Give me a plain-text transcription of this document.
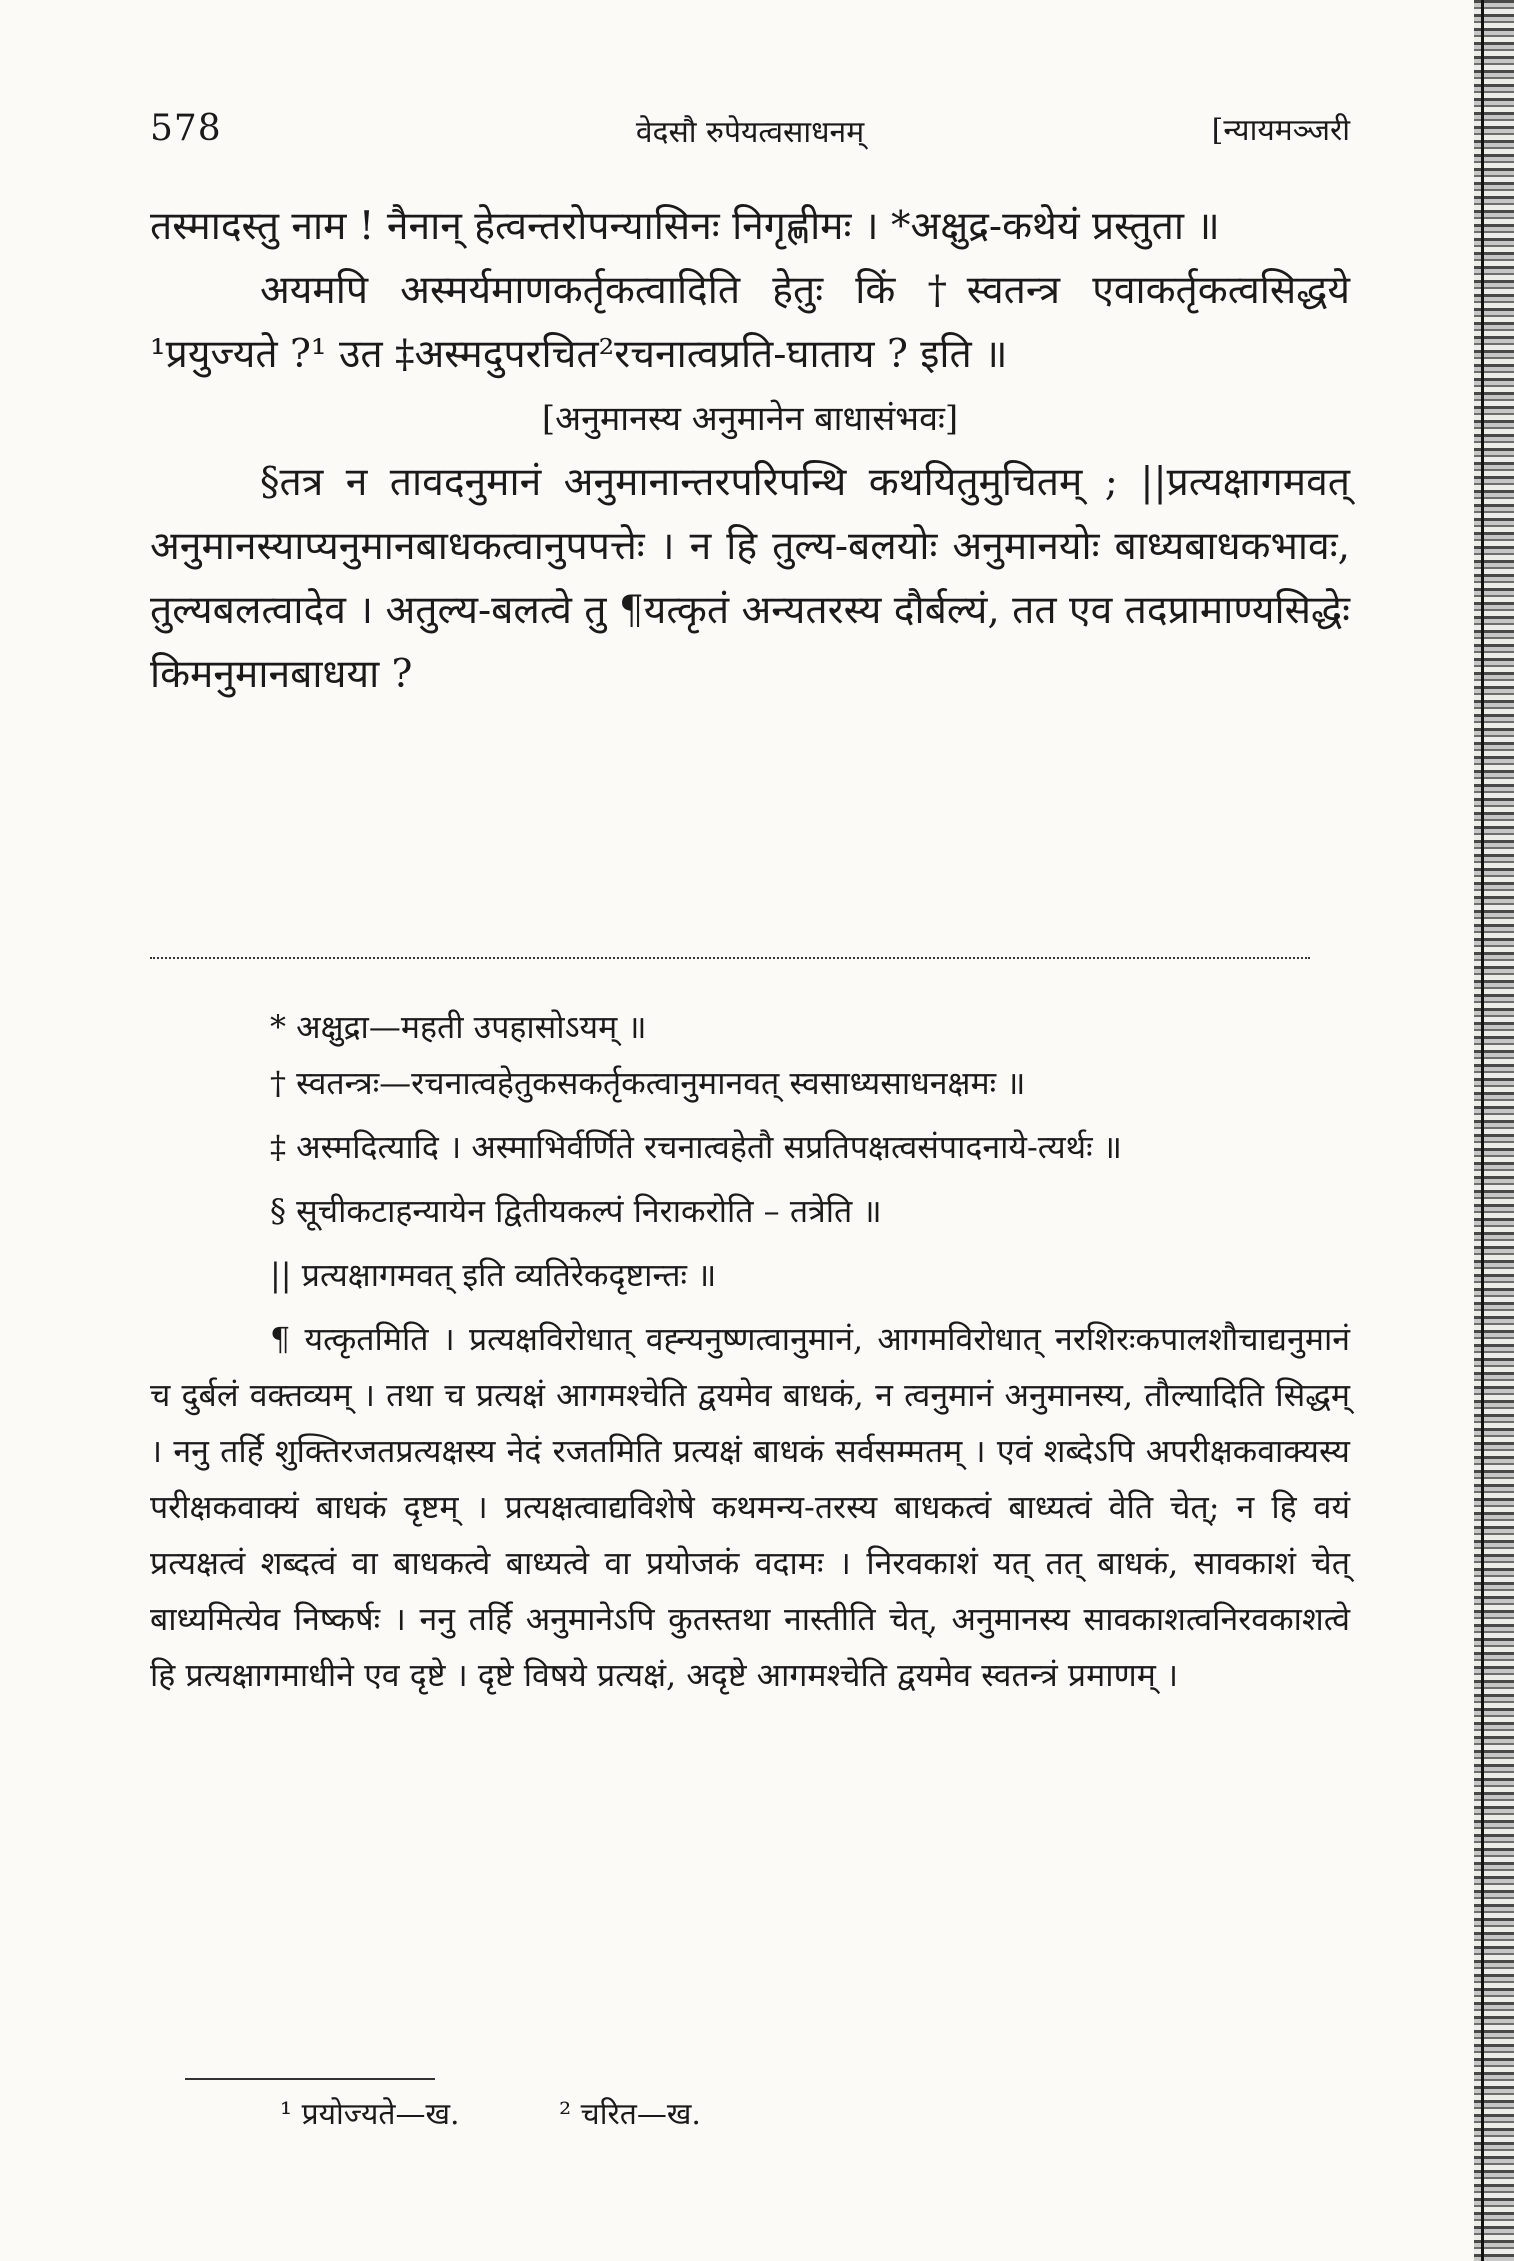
578	वेदसौ रुपेयत्वसाधनम्	[न्यायमञ्जरी

तस्मादस्तु नाम ! नैनान् हेत्वन्तरोपन्यासिनः निगृह्णीमः । *अक्षुद्र-कथेयं प्रस्तुता ॥

अयमपि अस्मर्यमाणकर्तृकत्वादिति हेतुः किं †स्वतन्त्र एवाकर्तृकत्वसिद्धये ¹प्रयुज्यते ?¹ उत ‡अस्मदुपरचित²रचनात्वप्रति-घाताय ? इति ॥

[अनुमानस्य अनुमानेन बाधासंभवः]

§तत्र न तावदनुमानं अनुमानान्तरपरिपन्थि कथयितुमुचितम् ; ||प्रत्यक्षागमवत् अनुमानस्याप्यनुमानबाधकत्वानुपपत्तेः । न हि तुल्य-बलयोः अनुमानयोः बाध्यबाधकभावः, तुल्यबलत्वादेव । अतुल्य-बलत्वे तु ¶यत्कृतं अन्यतरस्य दौर्बल्यं, तत एव तदप्रामाण्यसिद्धेः किमनुमानबाधया ?

* अक्षुद्रा—महती उपहासोऽयम् ॥

† स्वतन्त्रः—रचनात्वहेतुकसकर्तृकत्वानुमानवत् स्वसाध्यसाधनक्षमः ॥

‡ अस्मदित्यादि । अस्माभिर्वर्णिते रचनात्वहेतौ सप्रतिपक्षत्वसंपादनाये-त्यर्थः ॥

§ सूचीकटाहन्यायेन द्वितीयकल्पं निराकरोति – तत्रेति ॥

|| प्रत्यक्षागमवत् इति व्यतिरेकदृष्टान्तः ॥

¶ यत्कृतमिति । प्रत्यक्षविरोधात् वह्न्यनुष्णत्वानुमानं, आगमविरोधात् नरशिरःकपालशौचाद्यनुमानं च दुर्बलं वक्तव्यम् । तथा च प्रत्यक्षं आगमश्चेति द्वयमेव बाधकं, न त्वनुमानं अनुमानस्य, तौल्यादिति सिद्धम् । ननु तर्हि शुक्तिरजतप्रत्यक्षस्य नेदं रजतमिति प्रत्यक्षं बाधकं सर्वसम्मतम् । एवं शब्देऽपि अपरीक्षकवाक्यस्य परीक्षकवाक्यं बाधकं दृष्टम् । प्रत्यक्षत्वाद्यविशेषे कथमन्य-तरस्य बाधकत्वं बाध्यत्वं वेति चेत्; न हि वयं प्रत्यक्षत्वं शब्दत्वं वा बाधकत्वे बाध्यत्वे वा प्रयोजकं वदामः । निरवकाशं यत् तत् बाधकं, सावकाशं चेत् बाध्यमित्येव निष्कर्षः । ननु तर्हि अनुमानेऽपि कुतस्तथा नास्तीति चेत्, अनुमानस्य सावकाशत्वनिरवकाशत्वे हि प्रत्यक्षागमाधीने एव दृष्टे । दृष्टे विषये प्रत्यक्षं, अदृष्टे आगमश्चेति द्वयमेव स्वतन्त्रं प्रमाणम् ।

¹ प्रयोज्यते—ख.	² चरित—ख.
